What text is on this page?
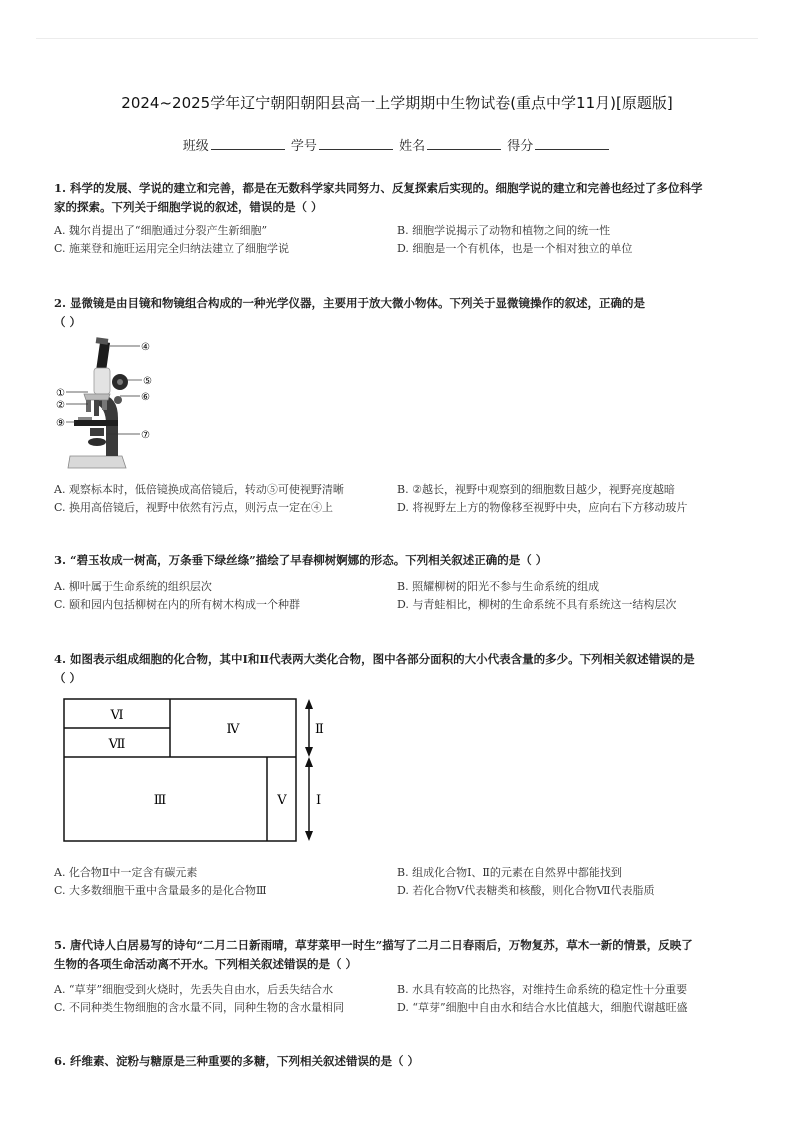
2024~2025学年辽宁朝阳朝阳县高一上学期期中生物试卷(重点中学11月)[原题版]
班级	学号	姓名	得分
1. 科学的发展、学说的建立和完善，都是在无数科学家共同努力、反复探索后实现的。细胞学说的建立和完善也经过了多位科学
家的探索。下列关于细胞学说的叙述，错误的是（ ）
A. 魏尔肖提出了“细胞通过分裂产生新细胞”	B. 细胞学说揭示了动物和植物之间的统一性
C. 施莱登和施旺运用完全归纳法建立了细胞学说	D. 细胞是一个有机体，也是一个相对独立的单位
2. 显微镜是由目镜和物镜组合构成的一种光学仪器，主要用于放大微小物体。下列关于显微镜操作的叙述，正确的是
（ ）
④
⑤
⑥
①
②
⑨
⑦
A. 观察标本时，低倍镜换成高倍镜后，转动⑤可使视野清晰	B. ②越长，视野中观察到的细胞数目越少，视野亮度越暗
C. 换用高倍镜后，视野中依然有污点，则污点一定在④上	D. 将视野左上方的物像移至视野中央，应向右下方移动玻片
3. “碧玉妆成一树高，万条垂下绿丝绦”描绘了早春柳树婀娜的形态。下列相关叙述正确的是（ ）
A. 柳叶属于生命系统的组织层次	B. 照耀柳树的阳光不参与生命系统的组成
C. 颐和园内包括柳树在内的所有树木构成一个种群	D. 与青蛙相比，柳树的生命系统不具有系统这一结构层次
4. 如图表示组成细胞的化合物，其中Ⅰ和Ⅱ代表两大类化合物，图中各部分面积的大小代表含量的多少。下列相关叙述错误的是
（ ）
Ⅵ
Ⅶ
Ⅳ
Ⅲ	Ⅴ
Ⅱ
Ⅰ
A. 化合物Ⅱ中一定含有碳元素	B. 组成化合物Ⅰ、Ⅱ的元素在自然界中都能找到
C. 大多数细胞干重中含量最多的是化合物Ⅲ	D. 若化合物Ⅴ代表糖类和核酸，则化合物Ⅶ代表脂质
5. 唐代诗人白居易写的诗句“二月二日新雨晴，草芽菜甲一时生”描写了二月二日春雨后，万物复苏，草木一新的情景，反映了
生物的各项生命活动离不开水。下列相关叙述错误的是（ ）
A. “草芽”细胞受到火烧时，先丢失自由水，后丢失结合水	B. 水具有较高的比热容，对维持生命系统的稳定性十分重要
C. 不同种类生物细胞的含水量不同，同种生物的含水量相同	D. “草芽”细胞中自由水和结合水比值越大，细胞代谢越旺盛
6. 纤维素、淀粉与糖原是三种重要的多糖，下列相关叙述错误的是（ ）
